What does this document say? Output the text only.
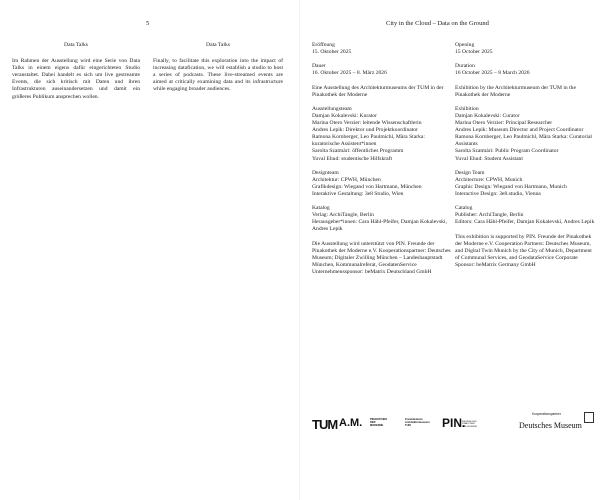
5
Data Talks

Im Rahmen der Ausstellung wird eine Serie von Data Talks in einem eigens dafür eingerichteten Studio veranstaltet. Dabei handelt es sich um live gestreamte Events, die sich kritisch mit Daten und ihren Infrastrukturen auseinandersetzen und damit ein größeres Publikum ansprechen wollen.

Data Talks

Finally, to facilitate this exploration into the impact of increasing datafication, we will establish a studio to host a series of podcasts. These live-streamed events are aimed at critically examining data and its infrastructure while engaging broader audiences.

City in the Cloud – Data on the Ground
Eröffnung
15. Oktober 2025
Dauer
16. Oktober 2025 – 8. März 2026
Eine Ausstellung des Architekturmuseums der TUM in der Pinakothek der Moderne
Ausstellungsteam
Damjan Kokalevski: Kurator
Marina Otero Verzier: leitende Wissenschaftlerin
Andres Lepik: Direktor und Projektkoordinator
Ramona Kornberger, Leo Paulmichl, Mära Starka: kuratorische Assistent*innen
Sarolta Szatmári: öffentliches Programm
Yuval Ehud: studentische Hilfskraft
Designteam
Architektur: CPWH, München
Grafikdesign: Wiegand von Hartmann, München
Interaktive Gestaltung: 3e8 Studio, Wien
Katalog
Verlag: ArchiTangle, Berlin
Herausgeber*innen: Cara Hähl-Pfeifer, Damjan Kokalevski, Andres Lepik
Die Ausstellung wird unterstützt von PIN. Freunde der Pinakothek der Moderne e.V. Kooperationspartner: Deutsches Museum; Digitaler Zwilling München – Landeshauptstadt München, Kommunalreferat, GeodatenService Unternehmenssponsor: beMatrix Deutschland GmbH
Opening
15 October 2025
Duration
16 October 2025 – 8 March 2026
Exhibition by the Architekturmuseum der TUM in the Pinakothek der Moderne
Exhibition
Damjan Kokalevski: Curator
Marina Otero Verzier: Principal Researcher
Andres Lepik: Museum Director and Project Coordinator
Ramona Kornberger, Leo Paulmichl, Mära Starka: Curatorial Assistants
Sarolta Szatmári: Public Program Coordinator
Yuval Ehud: Student Assistant
Design Team
Architecture: CPWH, Munich
Graphic Design: Wiegand von Hartmann, Munich
Interactive Design: 3e8.studio, Vienna
Catalog
Publisher: ArchiTangle, Berlin
Editors: Cara Hähl-Pfeifer, Damjan Kokalevski, Andres Lepik
This exhibition is supported by PIN. Freunde der Pinakothek der Moderne e.V. Cooperation Partners: Deutsches Museum, and Digital Twin Munich by the City of Munich, Department of Communal Services, and GeodataService Corporate Sponsor: beMatrix Germany GmbH
TUM A.M.	PINAKOTHEK
DER
MODERNE
Freundeskreis
Architekturmuseum
TUM	PIN.
FREUNDE DER
PINAKOTHEK
DER MODERNE
Kooperationspartner
Deutsches Museum
